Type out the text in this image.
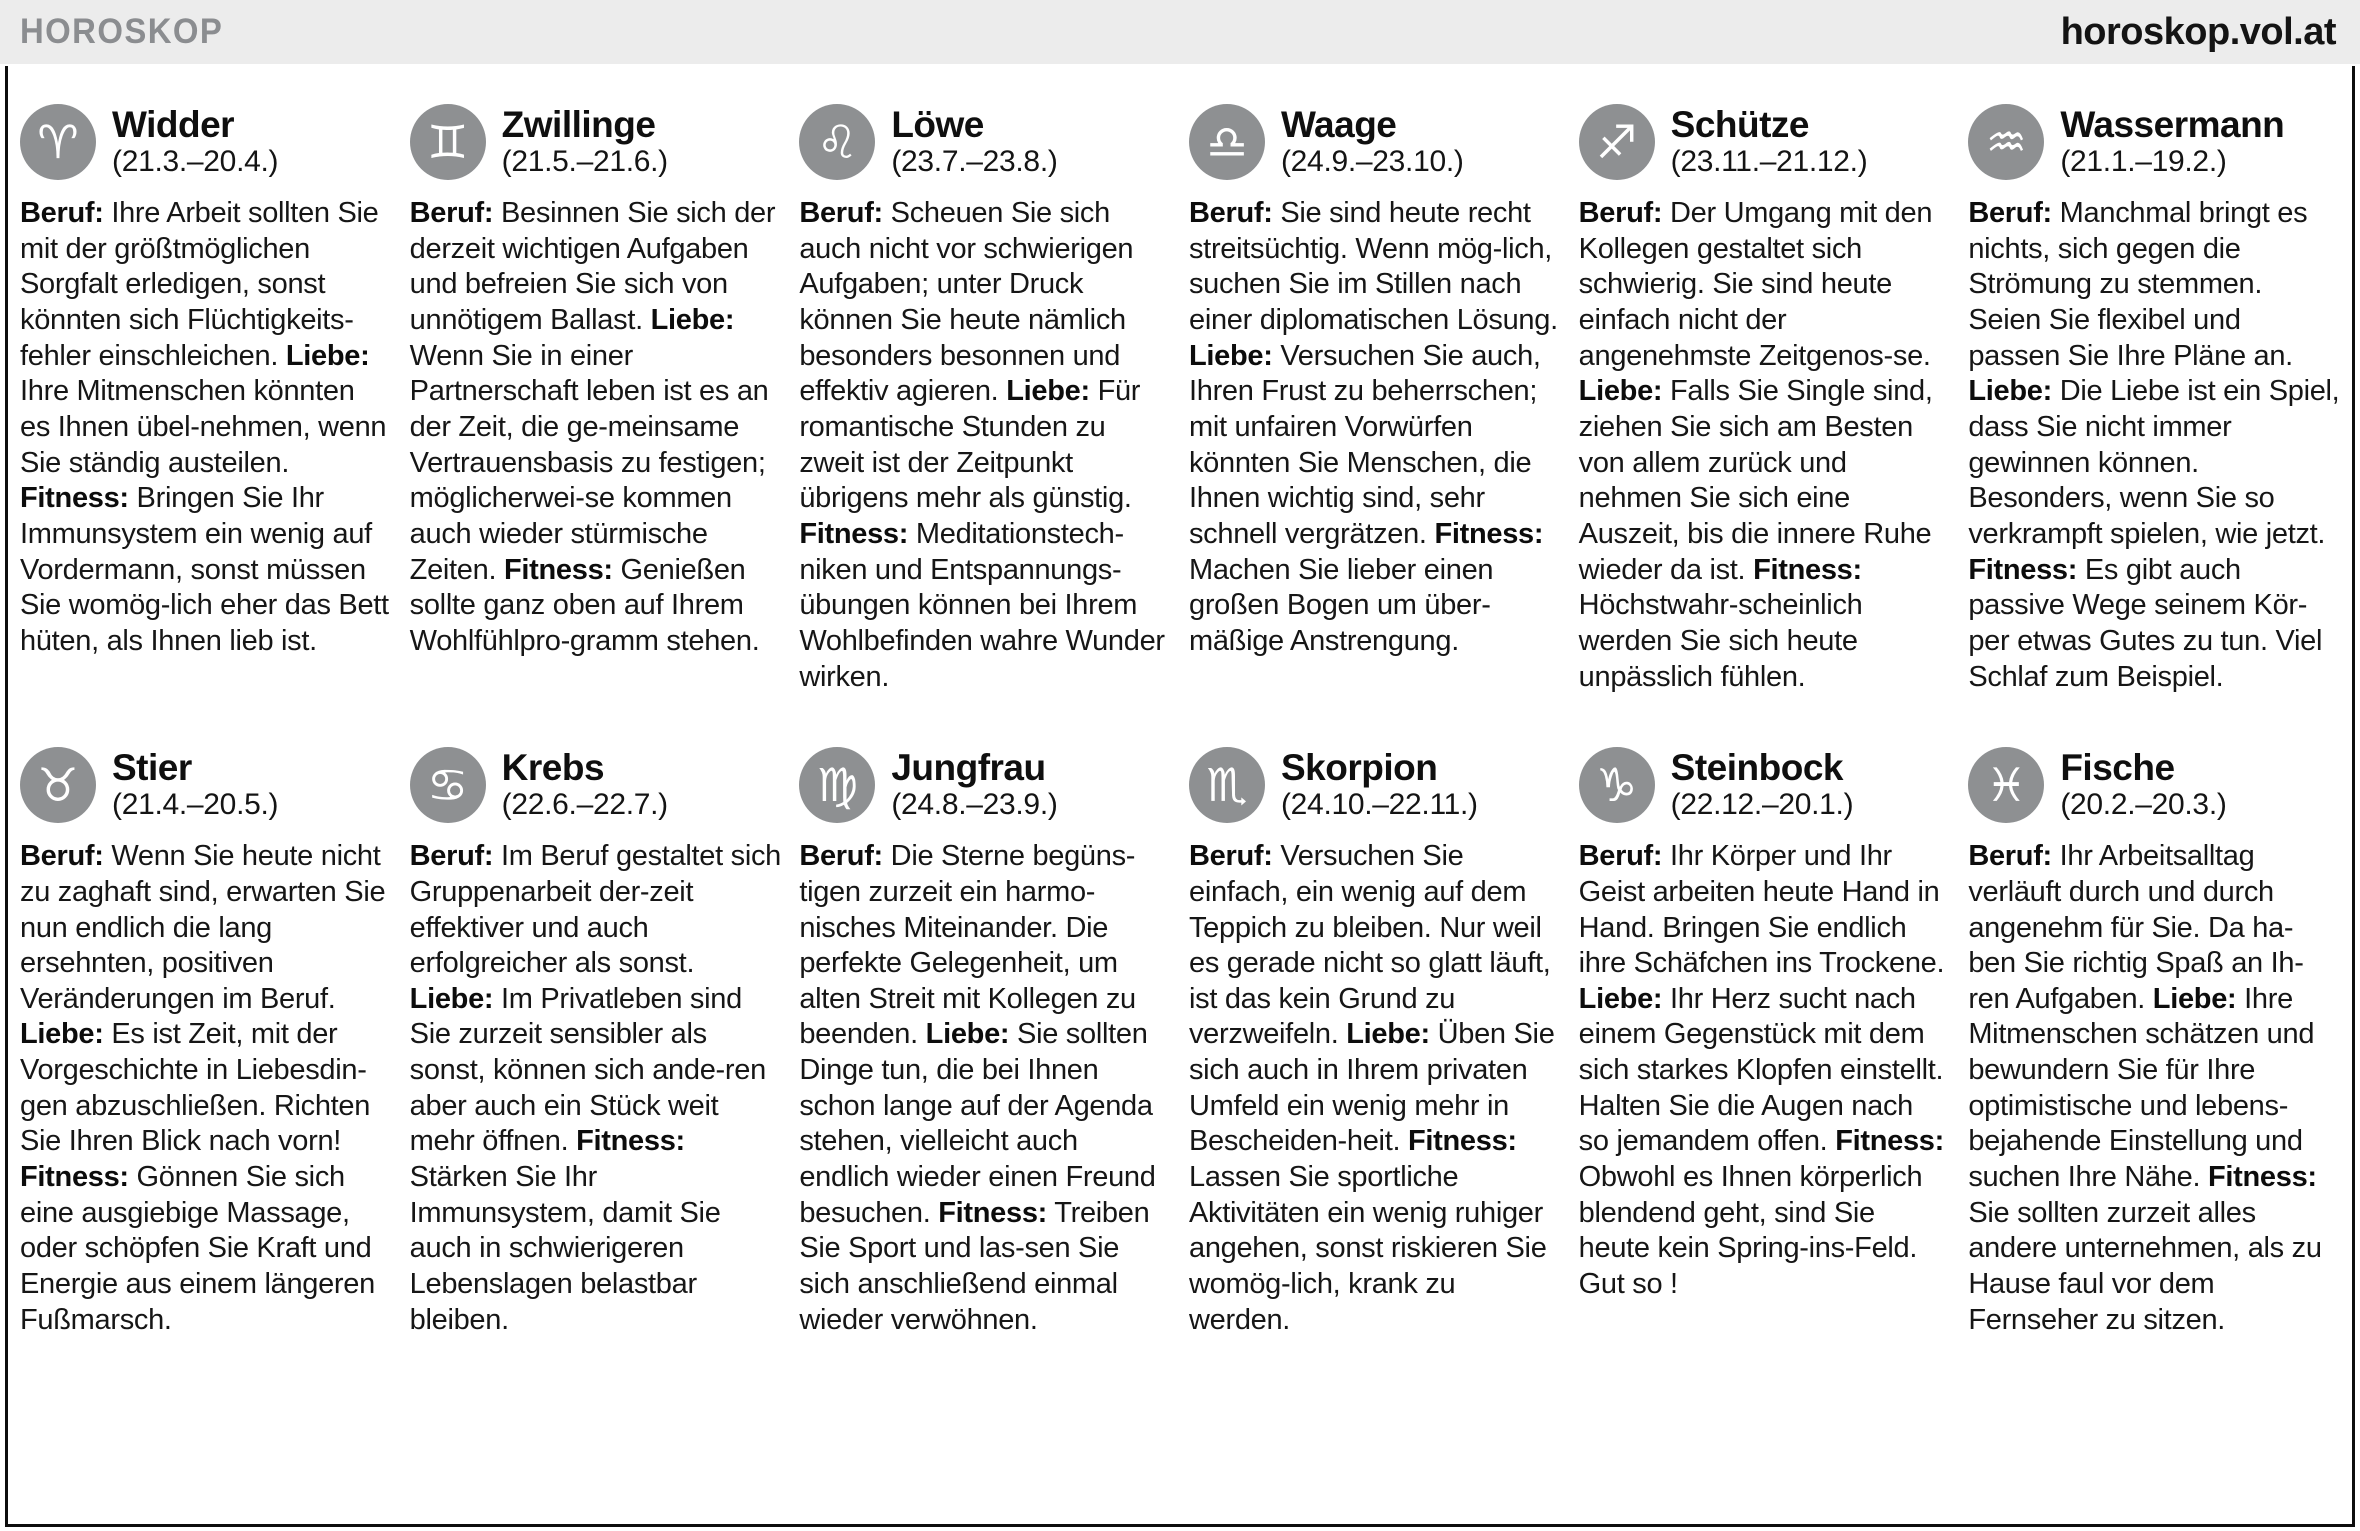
HOROSKOP	horoskop.vol.at
♈ Widder
(21.3.–20.4.)

Beruf: Ihre Arbeit sollten Sie mit der größtmöglichen Sorgfalt erledigen, sonst könnten sich Flüchtigkeits-fehler einschleichen. Liebe: Ihre Mitmenschen könnten es Ihnen übel-nehmen, wenn Sie ständig austeilen. Fitness: Bringen Sie Ihr Immunsystem ein wenig auf Vordermann, sonst müssen Sie womög-lich eher das Bett hüten, als Ihnen lieb ist.

♊ Zwillinge
(21.5.–21.6.)

Beruf: Besinnen Sie sich der derzeit wichtigen Aufgaben und befreien Sie sich von unnötigem Ballast. Liebe: Wenn Sie in einer Partnerschaft leben ist es an der Zeit, die ge-meinsame Vertrauensbasis zu festigen; möglicherwei-se kommen auch wieder stürmische Zeiten. Fitness: Genießen sollte ganz oben auf Ihrem Wohlfühlpro-gramm stehen.

♌ Löwe
(23.7.–23.8.)

Beruf: Scheuen Sie sich auch nicht vor schwierigen Aufgaben; unter Druck können Sie heute nämlich besonders besonnen und effektiv agieren. Liebe: Für romantische Stunden zu zweit ist der Zeitpunkt übrigens mehr als günstig. Fitness: Meditationstech-niken und Entspannungs-übungen können bei Ihrem Wohlbefinden wahre Wunder wirken.

♎ Waage
(24.9.–23.10.)

Beruf: Sie sind heute recht streitsüchtig. Wenn mög-lich, suchen Sie im Stillen nach einer diplomatischen Lösung. Liebe: Versuchen Sie auch, Ihren Frust zu beherrschen; mit unfairen Vorwürfen könnten Sie Menschen, die Ihnen wichtig sind, sehr schnell vergrätzen. Fitness: Machen Sie lieber einen großen Bogen um über-mäßige Anstrengung.

♐ Schütze
(23.11.–21.12.)

Beruf: Der Umgang mit den Kollegen gestaltet sich schwierig. Sie sind heute einfach nicht der angenehmste Zeitgenos-se. Liebe: Falls Sie Single sind, ziehen Sie sich am Besten von allem zurück und nehmen Sie sich eine Auszeit, bis die innere Ruhe wieder da ist. Fitness: Höchstwahr-scheinlich werden Sie sich heute unpässlich fühlen.

♒ Wassermann
(21.1.–19.2.)

Beruf: Manchmal bringt es nichts, sich gegen die Strömung zu stemmen. Seien Sie flexibel und passen Sie Ihre Pläne an. Liebe: Die Liebe ist ein Spiel, dass Sie nicht immer gewinnen können. Besonders, wenn Sie so verkrampft spielen, wie jetzt. Fitness: Es gibt auch passive Wege seinem Kör-per etwas Gutes zu tun. Viel Schlaf zum Beispiel.

♉ Stier
(21.4.–20.5.)

Beruf: Wenn Sie heute nicht zu zaghaft sind, erwarten Sie nun endlich die lang ersehnten, positiven Veränderungen im Beruf. Liebe: Es ist Zeit, mit der Vorgeschichte in Liebesdin-gen abzuschließen. Richten Sie Ihren Blick nach vorn! Fitness: Gönnen Sie sich eine ausgiebige Massage, oder schöpfen Sie Kraft und Energie aus einem längeren Fußmarsch.

♋ Krebs
(22.6.–22.7.)

Beruf: Im Beruf gestaltet sich Gruppenarbeit der-zeit effektiver und auch erfolgreicher als sonst. Liebe: Im Privatleben sind Sie zurzeit sensibler als sonst, können sich ande-ren aber auch ein Stück weit mehr öffnen. Fitness: Stärken Sie Ihr Immunsystem, damit Sie auch in schwierigeren Lebenslagen belastbar bleiben.

♍ Jungfrau
(24.8.–23.9.)

Beruf: Die Sterne begüns-tigen zurzeit ein harmo-nisches Miteinander. Die perfekte Gelegenheit, um alten Streit mit Kollegen zu beenden. Liebe: Sie sollten Dinge tun, die bei Ihnen schon lange auf der Agenda stehen, vielleicht auch endlich wieder einen Freund besuchen. Fitness: Treiben Sie Sport und las-sen Sie sich anschließend einmal wieder verwöhnen.

♏ Skorpion
(24.10.–22.11.)

Beruf: Versuchen Sie einfach, ein wenig auf dem Teppich zu bleiben. Nur weil es gerade nicht so glatt läuft, ist das kein Grund zu verzweifeln. Liebe: Üben Sie sich auch in Ihrem privaten Umfeld ein wenig mehr in Bescheiden-heit. Fitness: Lassen Sie sportliche Aktivitäten ein wenig ruhiger angehen, sonst riskieren Sie womög-lich, krank zu werden.

♑ Steinbock
(22.12.–20.1.)

Beruf: Ihr Körper und Ihr Geist arbeiten heute Hand in Hand. Bringen Sie endlich ihre Schäfchen ins Trockene. Liebe: Ihr Herz sucht nach einem Gegenstück mit dem sich starkes Klopfen einstellt. Halten Sie die Augen nach so jemandem offen. Fitness: Obwohl es Ihnen körperlich blendend geht, sind Sie heute kein Spring-ins-Feld. Gut so !

♓ Fische
(20.2.–20.3.)

Beruf: Ihr Arbeitsalltag verläuft durch und durch angenehm für Sie. Da ha-ben Sie richtig Spaß an Ih-ren Aufgaben. Liebe: Ihre Mitmenschen schätzen und bewundern Sie für Ihre optimistische und lebens-bejahende Einstellung und suchen Ihre Nähe. Fitness: Sie sollten zurzeit alles andere unternehmen, als zu Hause faul vor dem Fernseher zu sitzen.
